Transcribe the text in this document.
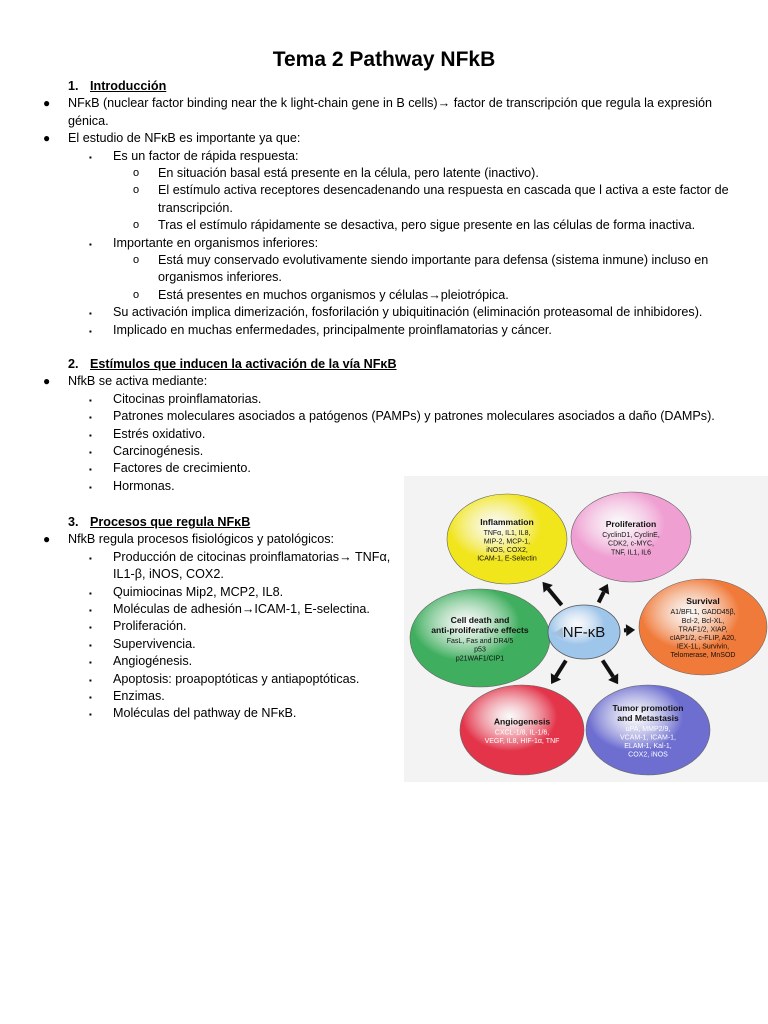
Tema 2 Pathway NFkB
1. Introducción
● NFκB (nuclear factor binding near the k light-chain gene in B cells)→ factor de transcripción que regula la expresión
génica.
● El estudio de NFκB es importante ya que:
▪ Es un factor de rápida respuesta:
o En situación basal está presente en la célula, pero latente (inactivo).
o El estímulo activa receptores desencadenando una respuesta en cascada que l activa a este factor de
transcripción.
o Tras el estímulo rápidamente se desactiva, pero sigue presente en las células de forma inactiva.
▪ Importante en organismos inferiores:
o Está muy conservado evolutivamente siendo importante para defensa (sistema inmune) incluso en
organismos inferiores.
o Está presentes en muchos organismos y células→pleiotrópica.
▪ Su activación implica dimerización, fosforilación y ubiquitinación (eliminación proteasomal de inhibidores).
▪ Implicado en muchas enfermedades, principalmente proinflamatorias y cáncer.
2. Estímulos que inducen la activación de la vía NFκB
● NfkB se activa mediante:
▪ Citocinas proinflamatorias.
▪ Patrones moleculares asociados a patógenos (PAMPs) y patrones moleculares asociados a daño (DAMPs).
▪ Estrés oxidativo.
▪ Carcinogénesis.
▪ Factores de crecimiento.
▪ Hormonas.
3. Procesos que regula NFκB
● NfkB regula procesos fisiológicos y patológicos:
▪ Producción de citocinas proinflamatorias→ TNFα,
IL1-β, iNOS, COX2.
▪ Quimiocinas Mip2, MCP2, IL8.
▪ Moléculas de adhesión→ICAM-1, E-selectina.
▪ Proliferación.
▪ Supervivencia.
▪ Angiogénesis.
▪ Apoptosis: proapoptóticas y antiapoptóticas.
▪ Enzimas.
▪ Moléculas del pathway de NFκB.
Inflammation
TNFα, IL1, IL8,
MIP-2, MCP-1,
iNOS, COX2,
ICAM-1, E-Selectin
Proliferation
CyclinD1, CyclinE,
CDK2, c-MYC,
TNF, IL1, IL6
Survival
A1/BFL1, GADD45β,
Bcl-2, Bcl-XL,
TRAF1/2, XIAP,
cIAP1/2, c-FLIP, A20,
IEX-1L, Survivin,
Telomerase, MnSOD
Tumor promotion
and Metastasis
uPA, MMP2/9,
VCAM-1, ICAM-1,
ELAM-1, Kal-1,
COX2, iNOS
Angiogenesis
CXCL-1/8, IL-1/6,
VEGF, IL8, HIF-1α, TNF
Cell death and
anti-proliferative effects
FasL, Fas and DR4/5
p53
p21WAF1/CIP1
NF-κB
